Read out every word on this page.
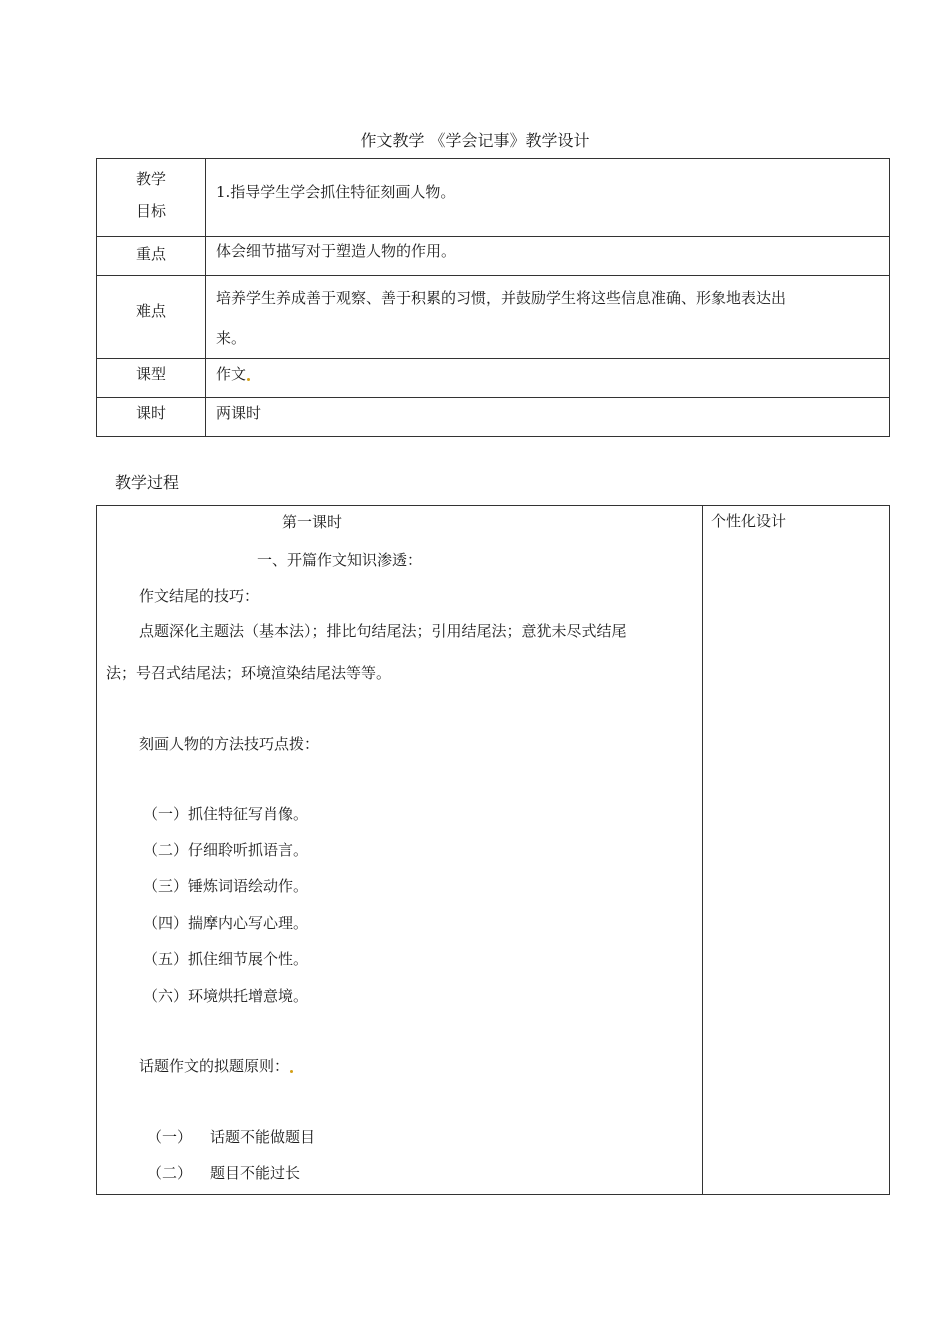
作文教学 《学会记事》教学设计
教学
目标	1.指导学生学会抓住特征刻画人物。

重点	体会细节描写对于塑造人物的作用。

难点	培养学生养成善于观察、善于积累的习惯，并鼓励学生将这些信息准确、形象地表达出
来。

课型	作文

课时	两课时
教学过程
第一课时
一、开篇作文知识渗透：
作文结尾的技巧：
点题深化主题法（基本法）；排比句结尾法；引用结尾法；意犹未尽式结尾
法；号召式结尾法；环境渲染结尾法等等。
刻画人物的方法技巧点拨：
（一）抓住特征写肖像。
（二）仔细聆听抓语言。
（三）锤炼词语绘动作。
（四）揣摩内心写心理。
（五）抓住细节展个性。
（六）环境烘托增意境。
话题作文的拟题原则：
（一） 话题不能做题目
（二） 题目不能过长

个性化设计
